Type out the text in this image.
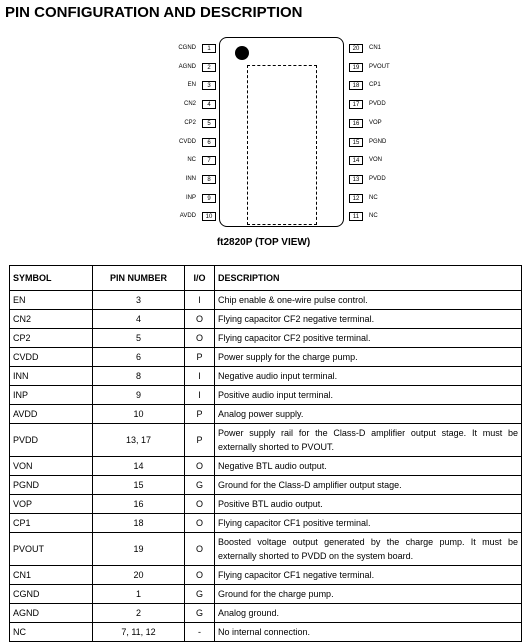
PIN CONFIGURATION AND DESCRIPTION
CGND	1
AGND	2
EN	3
CN2	4
CP2	5
CVDD	6
NC	7
INN	8
INP	9
AVDD	10
20	CN1
19	PVOUT
18	CP1
17	PVDD
16	VOP
15	PGND
14	VON
13	PVDD
12	NC
11	NC
ft2820P (TOP VIEW)
SYMBOL	PIN NUMBER	I/O	DESCRIPTION
EN	3	I	Chip enable & one-wire pulse control.
CN2	4	O	Flying capacitor CF2 negative terminal.
CP2	5	O	Flying capacitor CF2 positive terminal.
CVDD	6	P	Power supply for the charge pump.
INN	8	I	Negative audio input terminal.
INP	9	I	Positive audio input terminal.
AVDD	10	P	Analog power supply.
PVDD	13, 17	P	Power supply rail for the Class-D amplifier output stage. It must be externally shorted to PVOUT.
VON	14	O	Negative BTL audio output.
PGND	15	G	Ground for the Class-D amplifier output stage.
VOP	16	O	Positive BTL audio output.
CP1	18	O	Flying capacitor CF1 positive terminal.
PVOUT	19	O	Boosted voltage output generated by the charge pump. It must be externally shorted to PVDD on the system board.
CN1	20	O	Flying capacitor CF1 negative terminal.
CGND	1	G	Ground for the charge pump.
AGND	2	G	Analog ground.
NC	7, 11, 12	-	No internal connection.
